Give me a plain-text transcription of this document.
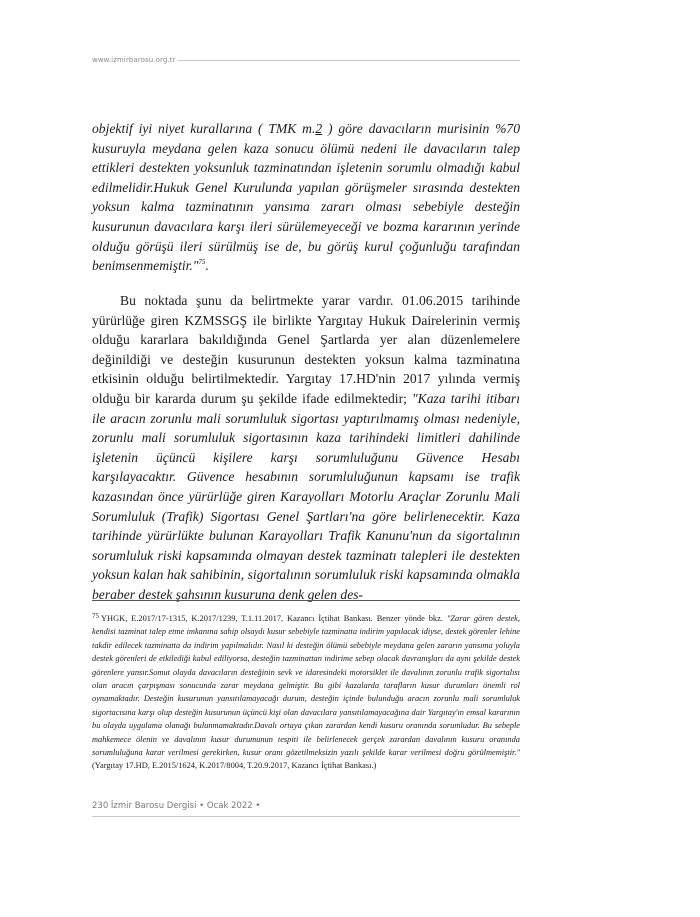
www.izmirbarosu.org.tr

objektif iyi niyet kurallarına ( TMK m.2 ) göre davacıların murisinin %70 kusuruyla meydana gelen kaza sonucu ölümü nedeni ile davacıların talep ettikleri destekten yoksunluk tazminatından işletenin sorumlu olmadığı kabul edilmelidir.Hukuk Genel Kurulunda yapılan görüşmeler sırasında destekten yoksun kalma tazminatının yansıma zararı olması sebebiyle desteğin kusurunun davacılara karşı ileri sürülemeyeceği ve bozma kararının yerinde olduğu görüşü ileri sürülmüş ise de, bu görüş kurul çoğunluğu tarafından benimsenmemiştir."$^{75}$.

Bu noktada şunu da belirtmekte yarar vardır. 01.06.2015 tarihinde yürürlüğe giren KZMSSGŞ ile birlikte Yargıtay Hukuk Dairelerinin vermiş olduğu kararlara bakıldığında Genel Şartlarda yer alan düzenlemelere değinildiği ve desteğin kusurunun destekten yoksun kalma tazminatına etkisinin olduğu belirtilmektedir. Yargıtay 17.HD'nin 2017 yılında vermiş olduğu bir kararda durum şu şekilde ifade edilmektedir; "Kaza tarihi itibarı ile aracın zorunlu mali sorumluluk sigortası yaptırılmamış olması nedeniyle, zorunlu mali sorumluluk sigortasının kaza tarihindeki limitleri dahilinde işletenin üçüncü kişilere karşı sorumluluğunu Güvence Hesabı karşılayacaktır. Güvence hesabının sorumluluğunun kapsamı ise trafik kazasından önce yürürlüğe giren Karayolları Motorlu Araçlar Zorunlu Mali Sorumluluk (Trafik) Sigortası Genel Şartları'na göre belirlenecektir. Kaza tarihinde yürürlükte bulunan Karayolları Trafik Kanunu'nun da sigortalının sorumluluk riski kapsamında olmayan destek tazminatı talepleri ile destekten yoksun kalan hak sahibinin, sigortalının sorumluluk riski kapsamında olmakla beraber destek şahsının kusuruna denk gelen des-

$^{75}$ YHGK, E.2017/17-1315, K.2017/1239, T.1.11.2017, Kazancı İçtihat Bankası. Benzer yönde bkz. "Zarar gören destek, kendisi tazminat talep etme imkanına sahip olsaydı kusur sebebiyle tazminatta indirim yapılacak idiyse, destek görenler lehine takdir edilecek tazminatta da indirim yapılmalıdır. Nasıl ki desteğin ölümü sebebiyle meydana gelen zararın yansıma yoluyla destek görenleri de etkilediği kabul ediliyorsa, desteğin tazminattan indirime sebep olacak davranışları da aynı şekilde destek görenlere yansır.Somut olayda davacıların desteğinin sevk ve idaresindeki motorsiklet ile davalının zorunlu trafik sigortalısı olan aracın çarpışması sonucunda zarar meydana gelmiştir. Bu gibi kazalarda tarafların kusur durumları önemli rol oynamaktadır. Desteğin kusurunun yansıtılamayacağı durum, desteğin içinde bulunduğu aracın zorunlu mali sorumluluk sigortacısına karşı olup desteğin kusurunun üçüncü kişi olan davacılara yansıtılamayacağına dair Yargıtay'ın emsal kararının bu olayda uygulama olanağı bulunmamaktadır.Davalı ortaya çıkan zarardan kendi kusuru oranında sorumludur. Bu sebeple mahkemece ölenin ve davalının kusur durumunun tespiti ile belirlenecek gerçek zarardan davalının kusuru oranında sorumluluğuna karar verilmesi gerekirken, kusur oranı gözetilmeksizin yazılı şekilde karar verilmesi doğru görülmemiştir." (Yargıtay 17.HD, E.2015/1624, K.2017/8004, T.20.9.2017, Kazancı İçtihat Bankası.)

230 İzmir Barosu Dergisi • Ocak 2022 •
